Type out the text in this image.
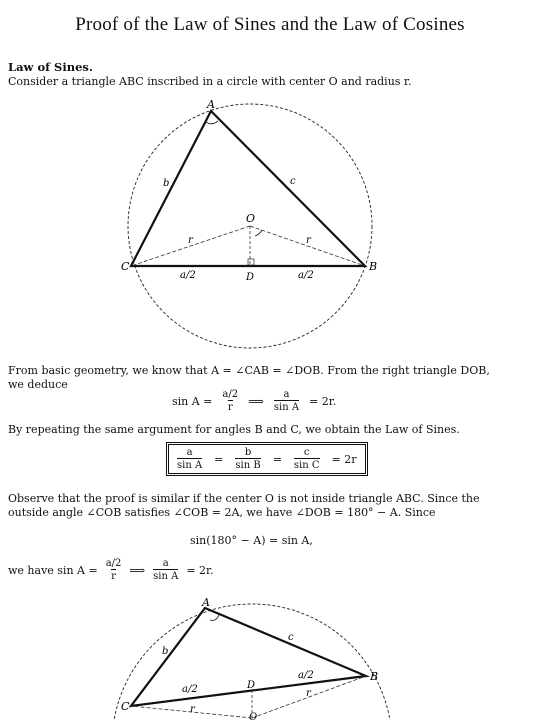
Proof of the Law of Sines and the Law of Cosines
Law of Sines.
Consider a triangle ABC inscribed in a circle with center O and radius r.
A
B
C
O
D
b	c
r	r
a/2	a/2
From basic geometry, we know that A = ∠CAB = ∠DOB. From the right triangle DOB,
we deduce
$\sin A = \frac{a/2}{r}$ ⟹ $\frac{a}{\text{sin A}} = 2r$.
By repeating the same argument for angles B and C, we obtain the Law of Sines.
$\frac{a}{\text{sin A}} = \frac{b}{\text{sin B}} = \frac{c}{\text{sin C}} = 2r$
Observe that the proof is similar if the center O is not inside triangle ABC. Since the
outside angle ∠COB satisfies ∠COB = 2A, we have ∠DOB = 180° − A. Since
sin(180° − A) = sin A,
we have $\sin A = \frac{a/2}{r}$ ⟹ $\frac{a}{\text{sin A}} = 2r$.
A
B
C
D
O
b
c
a/2
a/2
r
r
